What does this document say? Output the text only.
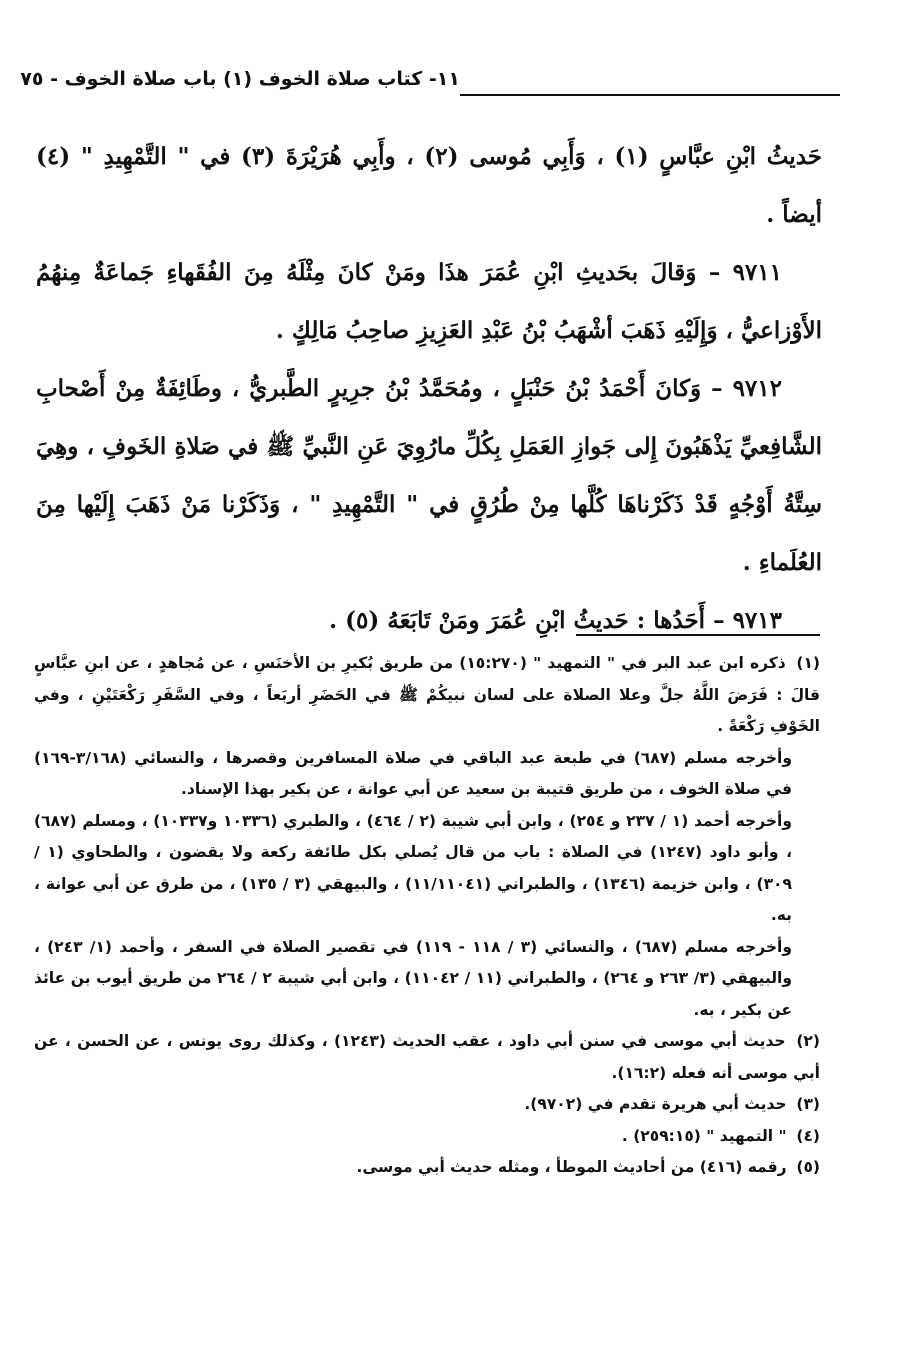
١١- كتاب صلاة الخوف (١) باب صلاة الخوف - ٧٥

حَديثُ ابْنِ عبَّاسٍ (١) ، وَأَبِي مُوسى (٢) ، وأَبِي هُرَيْرَةَ (٣) في " التَّمْهِيدِ " (٤) أيضاً .

٩٧١١ – وَقالَ بحَديثِ ابْنِ عُمَرَ هذَا ومَنْ كانَ مِثْلَهُ مِنَ الفُقَهاءِ جَماعَةٌ مِنهُمُ الأَوْزاعيُّ ، وَإِلَيْهِ ذَهَبَ أشْهَبُ بْنُ عَبْدِ العَزِيزِ صاحِبُ مَالِكٍ .

٩٧١٢ – وَكانَ أَحْمَدُ بْنُ حَنْبَلٍ ، ومُحَمَّدُ بْنُ جرِيرٍ الطَّبريُّ ، وطَائِفَةٌ مِنْ أَصْحابِ الشَّافِعيِّ يَذْهَبُونَ إِلى جَوازِ العَمَلِ بِكُلِّ مارُوِيَ عَنِ النَّبيِّ ﷺ في صَلاةِ الخَوفِ ، وهِيَ سِتَّةُ أَوْجُهٍ قَدْ ذَكَرْناهَا كُلَّها مِنْ طُرُقٍ في " التَّمْهِيدِ " ، وَذَكَرْنا مَنْ ذَهَبَ إِلَيْها مِنَ العُلَماءِ .

٩٧١٣ – أَحَدُها : حَديثُ ابْنِ عُمَرَ ومَنْ تَابَعَهُ (٥) .

(١) ذكره ابن عبد البر في " التمهيد " (١٥:٢٧٠) من طريق بُكيرِ بن الأخنَسِ ، عن مُجاهدٍ ، عن ابنِ عبَّاسٍ قالَ : فَرَضَ اللَّهُ جلَّ وعلا الصلاة على لسان نبيكُمْ ﷺ في الحَضَرِ أربَعاً ، وفي السَّفَرِ رَكْعَتَيْنِ ، وفي الخَوْفِ رَكْعَةً .

وأخرجه مسلم (٦٨٧) في طبعة عبد الباقي في صلاة المسافرين وقصرها ، والنسائي (٣/١٦٨-١٦٩) في صلاة الخوف ، من طريق قتيبة بن سعيد عن أبي عوانة ، عن بكير بهذا الإسناد.

وأخرجه أحمد (١ / ٢٣٧ و ٢٥٤) ، وابن أبي شيبة (٢ / ٤٦٤) ، والطبري (١٠٣٣٦ و١٠٣٣٧) ، ومسلم (٦٨٧) ، وأبو داود (١٢٤٧) في الصلاة : باب من قال يُصلي بكل طائفة ركعة ولا يقضون ، والطحاوي (١ / ٣٠٩) ، وابن خزيمة (١٣٤٦) ، والطبراني (١١/١١٠٤١) ، والبيهقي (٣ / ١٣٥) ، من طرق عن أبي عوانة ، به.

وأخرجه مسلم (٦٨٧) ، والنسائي (٣ / ١١٨ - ١١٩) في تقصير الصلاة في السفر ، وأحمد (١/ ٢٤٣) ، والبيهقي (٣/ ٢٦٣ و ٢٦٤) ، والطبراني (١١ / ١١٠٤٢) ، وابن أبي شيبة ٢ / ٢٦٤ من طريق أيوب بن عائذ عن بكير ، به.

(٢) حديث أبي موسى في سنن أبي داود ، عقب الحديث (١٢٤٣) ، وكذلك روى يونس ، عن الحسن ، عن أبي موسى أنه فعله (١٦:٢).

(٣) حديث أبي هريرة تقدم في (٩٧٠٢).

(٤) " التمهيد " (٢٥٩:١٥) .

(٥) رقمه (٤١٦) من أحاديث الموطأ ، ومثله حديث أبي موسى.
